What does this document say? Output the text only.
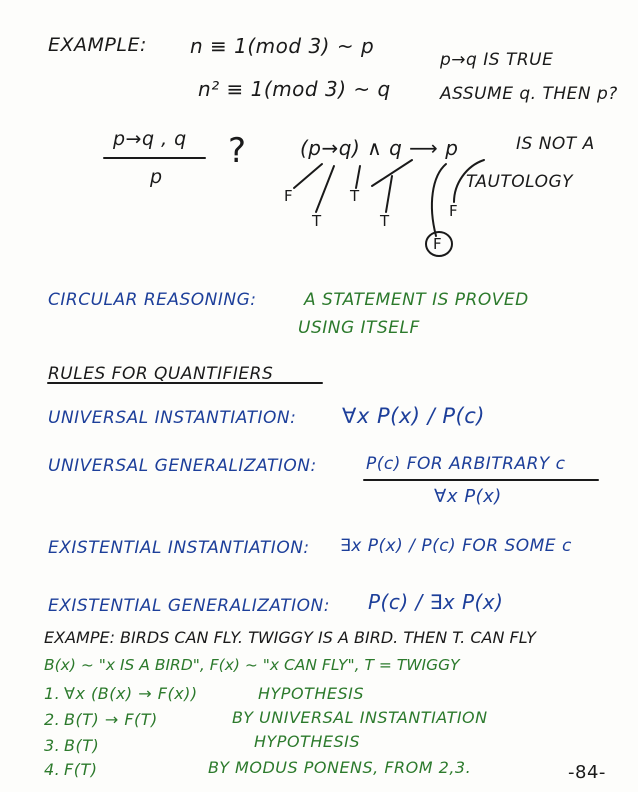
EXAMPLE: n ≡ 1(mod 3) ~ p
n² ≡ 1(mod 3) ~ q
p→q IS TRUE
ASSUME q. THEN p?
p→q , q
p
?	(p→q) ∧ q ⟶ p	IS NOT A
TAUTOLOGY
F	T
T	T
F
F
CIRCULAR REASONING:	A STATEMENT IS PROVED
USING ITSELF
RULES FOR QUANTIFIERS
UNIVERSAL INSTANTIATION: ∀x P(x) / P(c)
UNIVERSAL GENERALIZATION:	P(c) FOR ARBITRARY c
∀x P(x)
EXISTENTIAL INSTANTIATION: ∃x P(x) / P(c) FOR SOME c
EXISTENTIAL GENERALIZATION: P(c) / ∃x P(x)
EXAMPE: BIRDS CAN FLY. TWIGGY IS A BIRD. THEN T. CAN FLY
B(x) ~ "x IS A BIRD", F(x) ~ "x CAN FLY", T = TWIGGY
1. ∀x (B(x) → F(x))	HYPOTHESIS
2. B(T) → F(T)	BY UNIVERSAL INSTANTIATION
3. B(T)	HYPOTHESIS
4. F(T)	BY MODUS PONENS, FROM 2,3.	-84-
